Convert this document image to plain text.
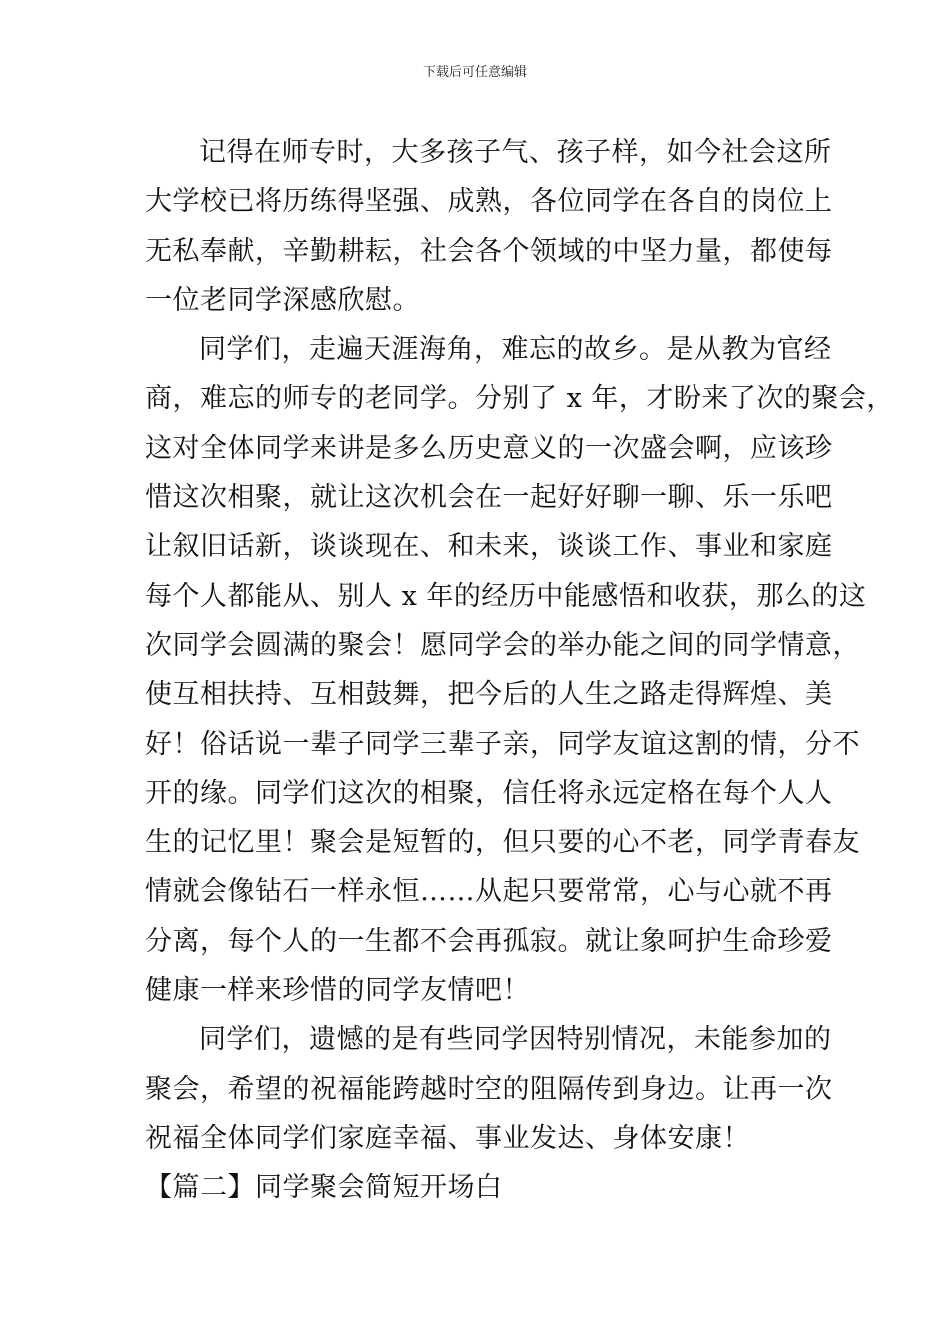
下载后可任意编辑
记得在师专时，大多孩子气、孩子样，如今社会这所
大学校已将历练得坚强、成熟，各位同学在各自的岗位上
无私奉献，辛勤耕耘，社会各个领域的中坚力量，都使每
一位老同学深感欣慰。
同学们，走遍天涯海角，难忘的故乡。是从教为官经
商，难忘的师专的老同学。分别了 x 年，才盼来了次的聚会，
这对全体同学来讲是多么历史意义的一次盛会啊，应该珍
惜这次相聚，就让这次机会在一起好好聊一聊、乐一乐吧
让叙旧话新，谈谈现在、和未来，谈谈工作、事业和家庭
每个人都能从、别人 x 年的经历中能感悟和收获，那么的这
次同学会圆满的聚会！愿同学会的举办能之间的同学情意，
使互相扶持、互相鼓舞，把今后的人生之路走得辉煌、美
好！俗话说一辈子同学三辈子亲，同学友谊这割的情，分不
开的缘。同学们这次的相聚，信任将永远定格在每个人人
生的记忆里！聚会是短暂的，但只要的心不老，同学青春友
情就会像钻石一样永恒……从起只要常常，心与心就不再
分离，每个人的一生都不会再孤寂。就让象呵护生命珍爱
健康一样来珍惜的同学友情吧！
同学们，遗憾的是有些同学因特别情况，未能参加的
聚会，希望的祝福能跨越时空的阻隔传到身边。让再一次
祝福全体同学们家庭幸福、事业发达、身体安康！
【篇二】同学聚会简短开场白
